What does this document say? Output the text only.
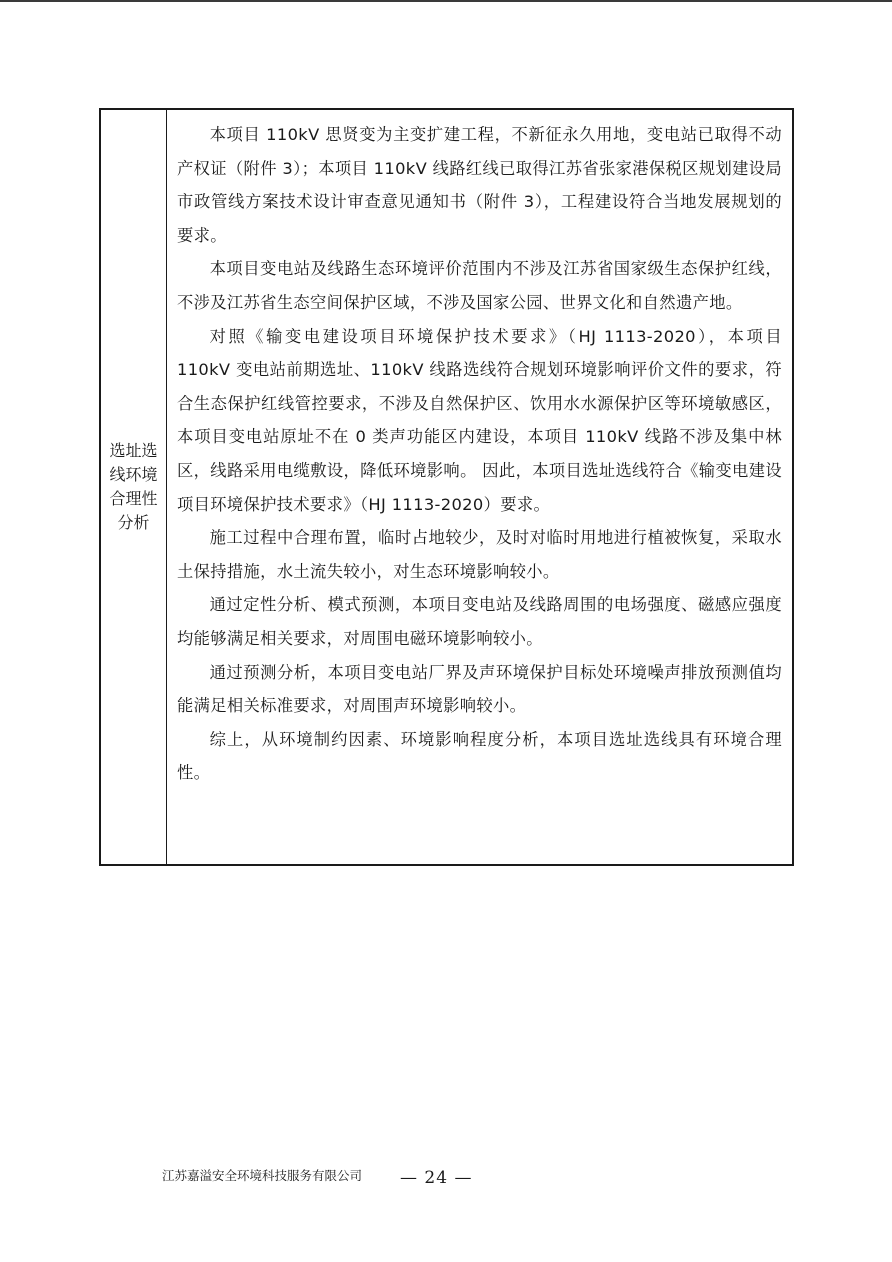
选址选线环境合理性分析

本项目 110kV 思贤变为主变扩建工程，不新征永久用地，变电站已取得不动产权证（附件 3）；本项目 110kV 线路红线已取得江苏省张家港保税区规划建设局市政管线方案技术设计审查意见通知书（附件 3），工程建设符合当地发展规划的要求。

本项目变电站及线路生态环境评价范围内不涉及江苏省国家级生态保护红线，不涉及江苏省生态空间保护区域，不涉及国家公园、世界文化和自然遗产地。

对照《输变电建设项目环境保护技术要求》（HJ 1113-2020），本项目 110kV 变电站前期选址、110kV 线路选线符合规划环境影响评价文件的要求，符合生态保护红线管控要求，不涉及自然保护区、饮用水水源保护区等环境敏感区，本项目变电站原址不在 0 类声功能区内建设，本项目 110kV 线路不涉及集中林区，线路采用电缆敷设，降低环境影响。 因此，本项目选址选线符合《输变电建设项目环境保护技术要求》（HJ 1113-2020）要求。

施工过程中合理布置，临时占地较少，及时对临时用地进行植被恢复，采取水土保持措施，水土流失较小，对生态环境影响较小。

通过定性分析、模式预测，本项目变电站及线路周围的电场强度、磁感应强度均能够满足相关要求，对周围电磁环境影响较小。

通过预测分析，本项目变电站厂界及声环境保护目标处环境噪声排放预测值均能满足相关标准要求，对周围声环境影响较小。

综上，从环境制约因素、环境影响程度分析，本项目选址选线具有环境合理性。

江苏嘉溢安全环境科技服务有限公司 — 24 —
